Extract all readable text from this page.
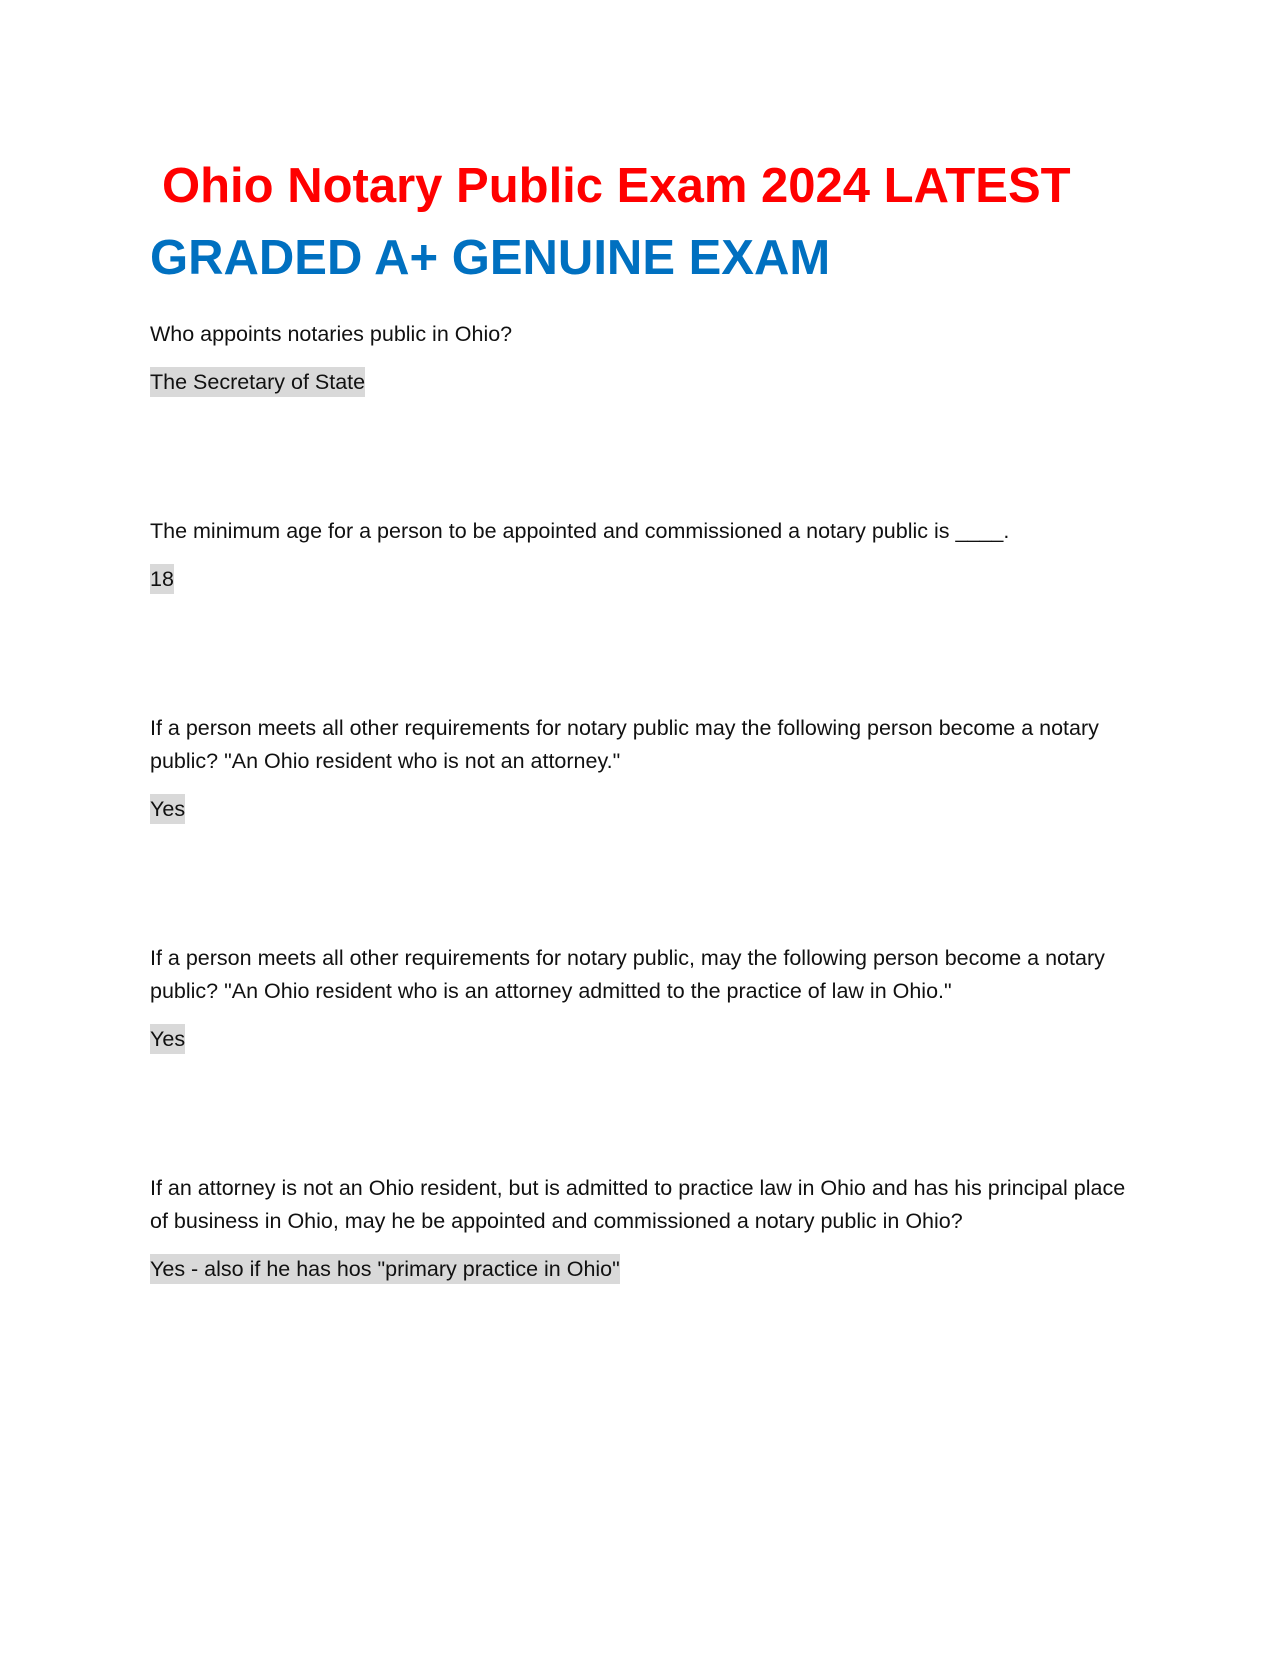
Ohio Notary Public Exam 2024 LATEST
GRADED A+ GENUINE EXAM

Who appoints notaries public in Ohio?

The Secretary of State

The minimum age for a person to be appointed and commissioned a notary public is ____.

18

If a person meets all other requirements for notary public may the following person become a notary public? "An Ohio resident who is not an attorney."

Yes

If a person meets all other requirements for notary public, may the following person become a notary public? "An Ohio resident who is an attorney admitted to the practice of law in Ohio."

Yes

If an attorney is not an Ohio resident, but is admitted to practice law in Ohio and has his principal place of business in Ohio, may he be appointed and commissioned a notary public in Ohio?

Yes - also if he has hos "primary practice in Ohio"
